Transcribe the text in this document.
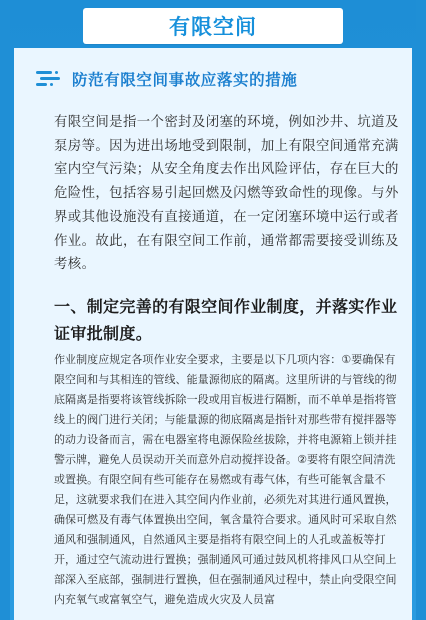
有限空间
防范有限空间事故应落实的措施

有限空间是指一个密封及闭塞的环境，例如沙井、坑道及泵房等。因为进出场地受到限制，加上有限空间通常充满室内空气污染；从安全角度去作出风险评估，存在巨大的危险性，包括容易引起回燃及闪燃等致命性的现像。与外界或其他设施没有直接通道，在一定闭塞环境中运行或者作业。故此，在有限空间工作前，通常都需要接受训练及考核。

一、制定完善的有限空间作业制度，并落实作业证审批制度。

作业制度应规定各项作业安全要求，主要是以下几项内容：①要确保有限空间和与其相连的管线、能量源彻底的隔离。这里所讲的与管线的彻底隔离是指要将该管线拆除一段或用盲板进行隔断，而不单单是指将管线上的阀门进行关闭；与能量源的彻底隔离是指针对那些带有搅拌器等的动力设备而言，需在电器室将电源保险丝拔除，并将电源箱上锁并挂警示牌，避免人员误动开关而意外启动搅拌设备。②要将有限空间清洗或置换。有限空间有些可能存在易燃或有毒气体，有些可能氧含量不足，这就要求我们在进入其空间内作业前，必须先对其进行通风置换，确保可燃及有毒气体置换出空间，氧含量符合要求。通风时可采取自然通风和强制通风，自然通风主要是指将有限空间上的人孔或盖板等打开，通过空气流动进行置换；强制通风可通过鼓风机将排风口从空间上部深入至底部，强制进行置换，但在强制通风过程中，禁止向受限空间内充氧气或富氧空气，避免造成火灾及人员富
